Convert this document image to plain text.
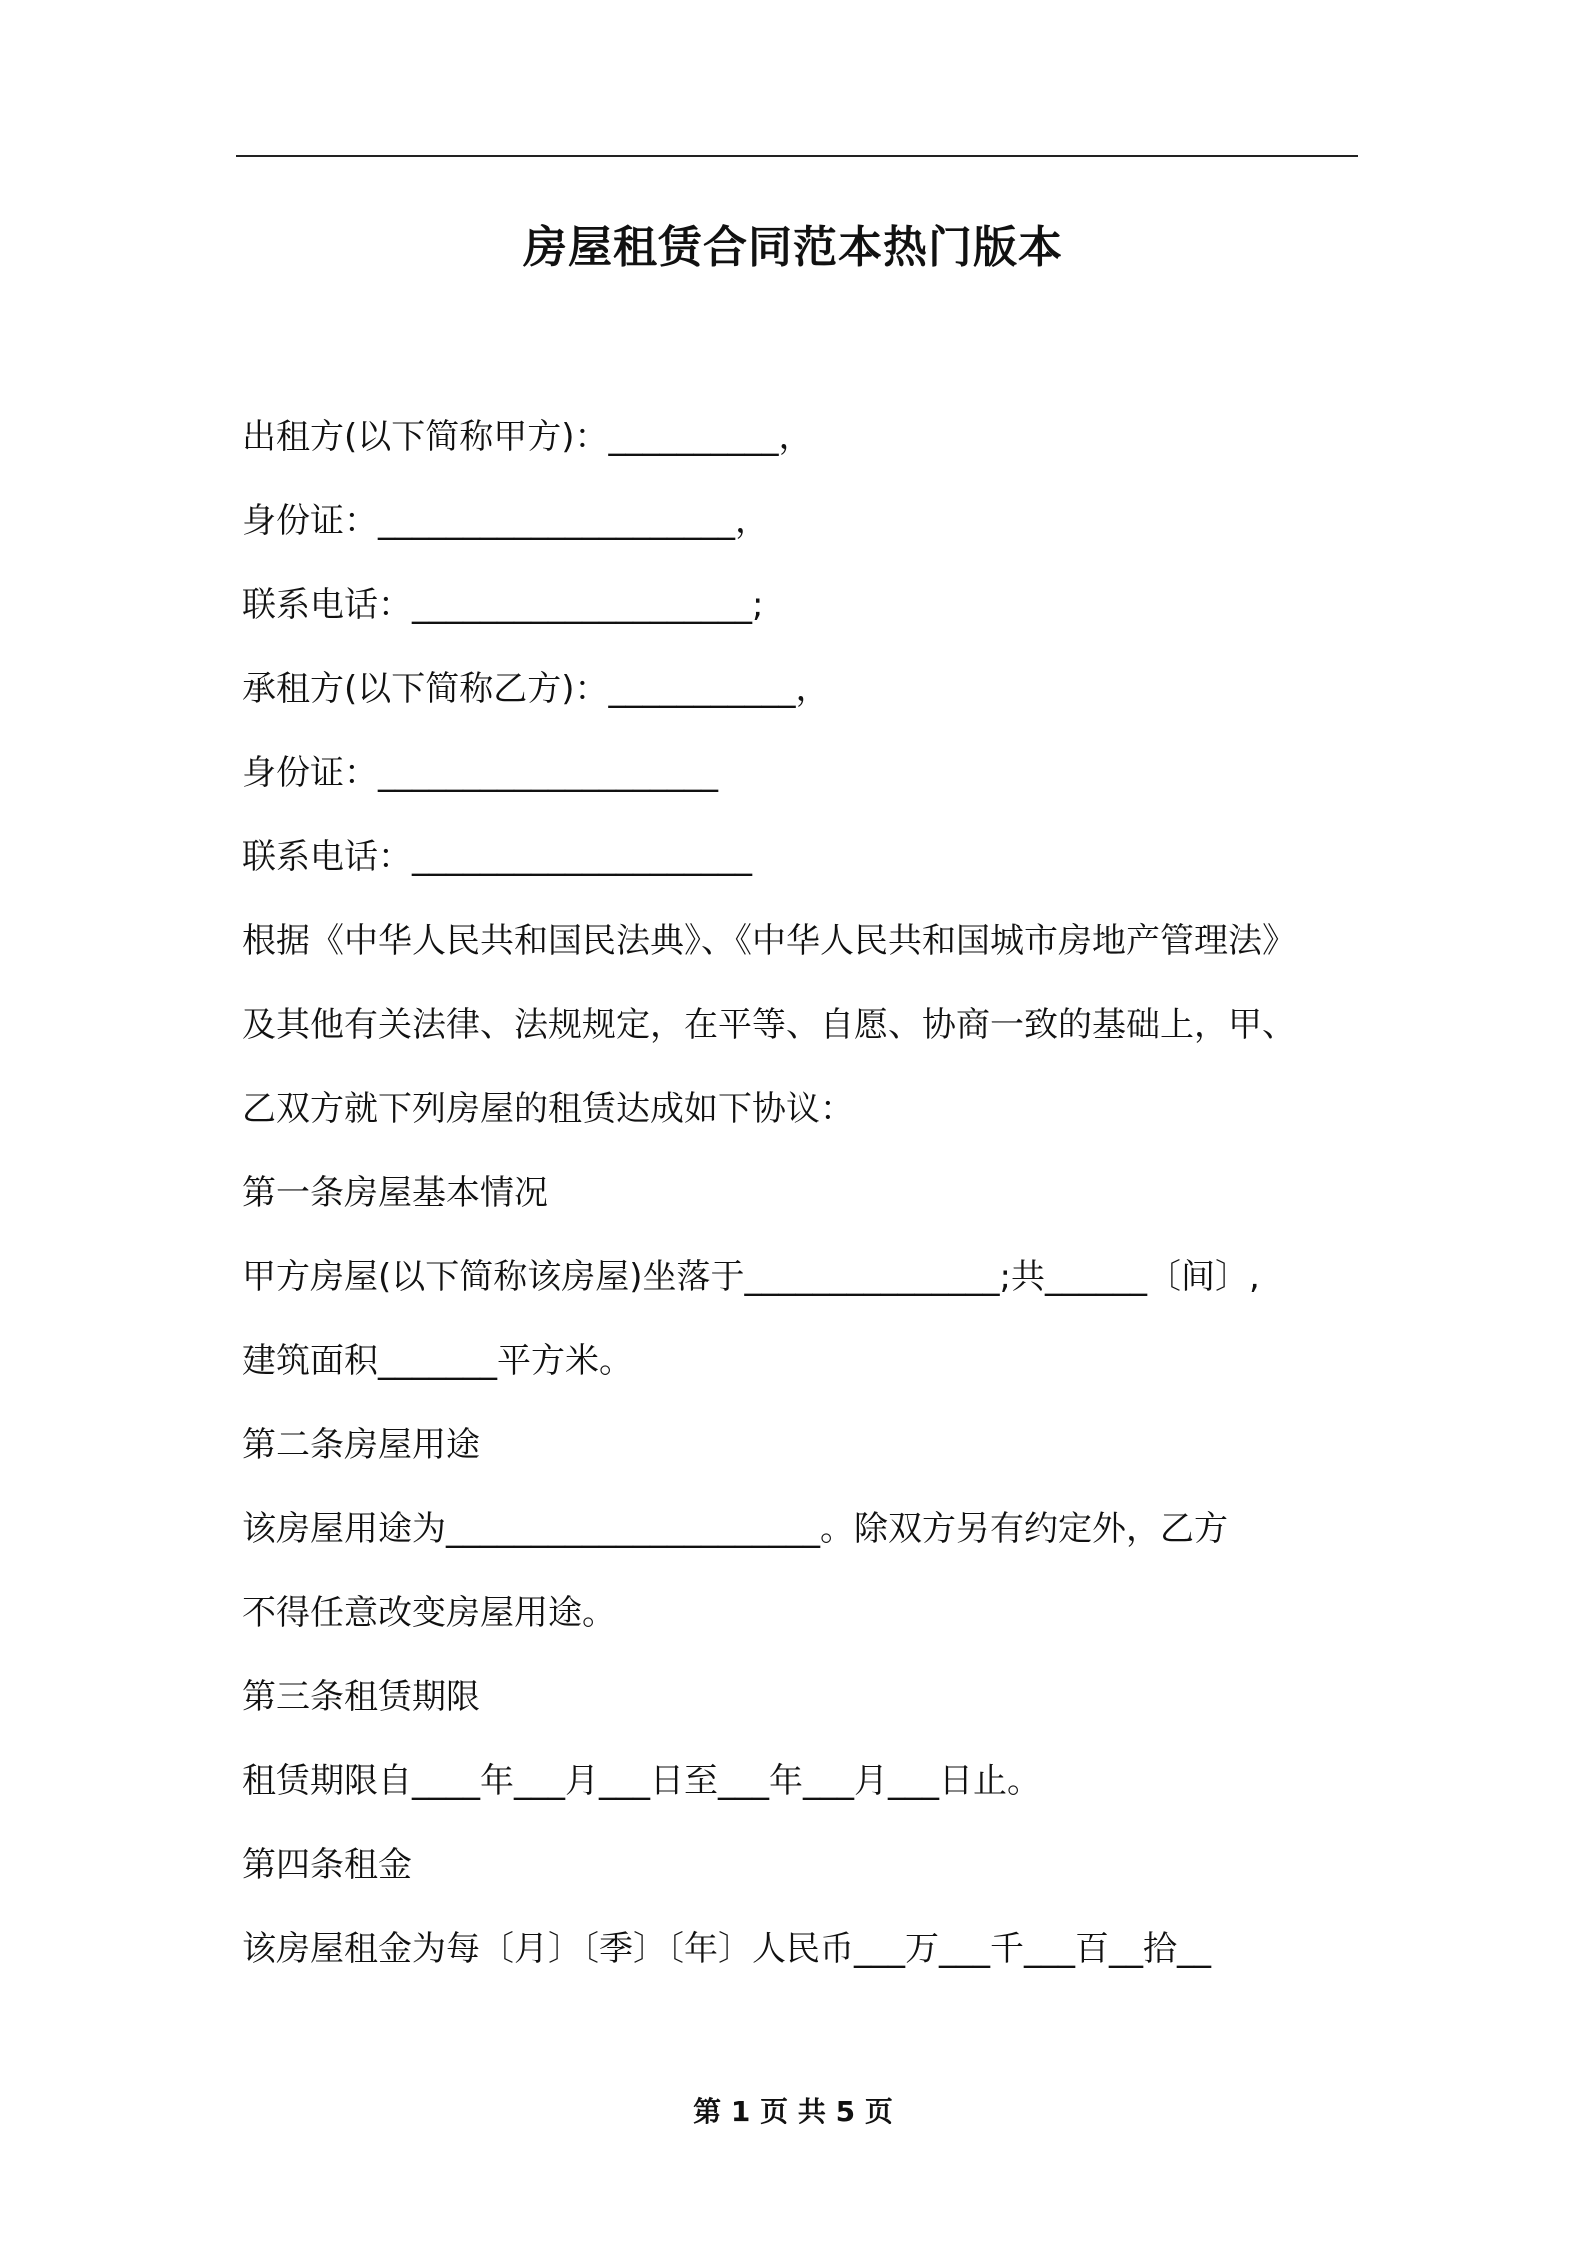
房屋租赁合同范本热门版本
出租方(以下简称甲方)：__________，
身份证：_____________________，
联系电话：____________________;
承租方(以下简称乙方)：___________，
身份证：____________________
联系电话：____________________
根据《中华人民共和国民法典》、《中华人民共和国城市房地产管理法》
及其他有关法律、法规规定，在平等、自愿、协商一致的基础上，甲、
乙双方就下列房屋的租赁达成如下协议：
第一条房屋基本情况
甲方房屋(以下简称该房屋)坐落于_______________;共______〔间〕,
建筑面积_______平方米。
第二条房屋用途
该房屋用途为______________________。除双方另有约定外，乙方
不得任意改变房屋用途。
第三条租赁期限
租赁期限自____年___月___日至___年___月___日止。
第四条租金
该房屋租金为每〔月〕〔季〕〔年〕人民币___万___千___百__拾__
第 1 页 共 5 页
